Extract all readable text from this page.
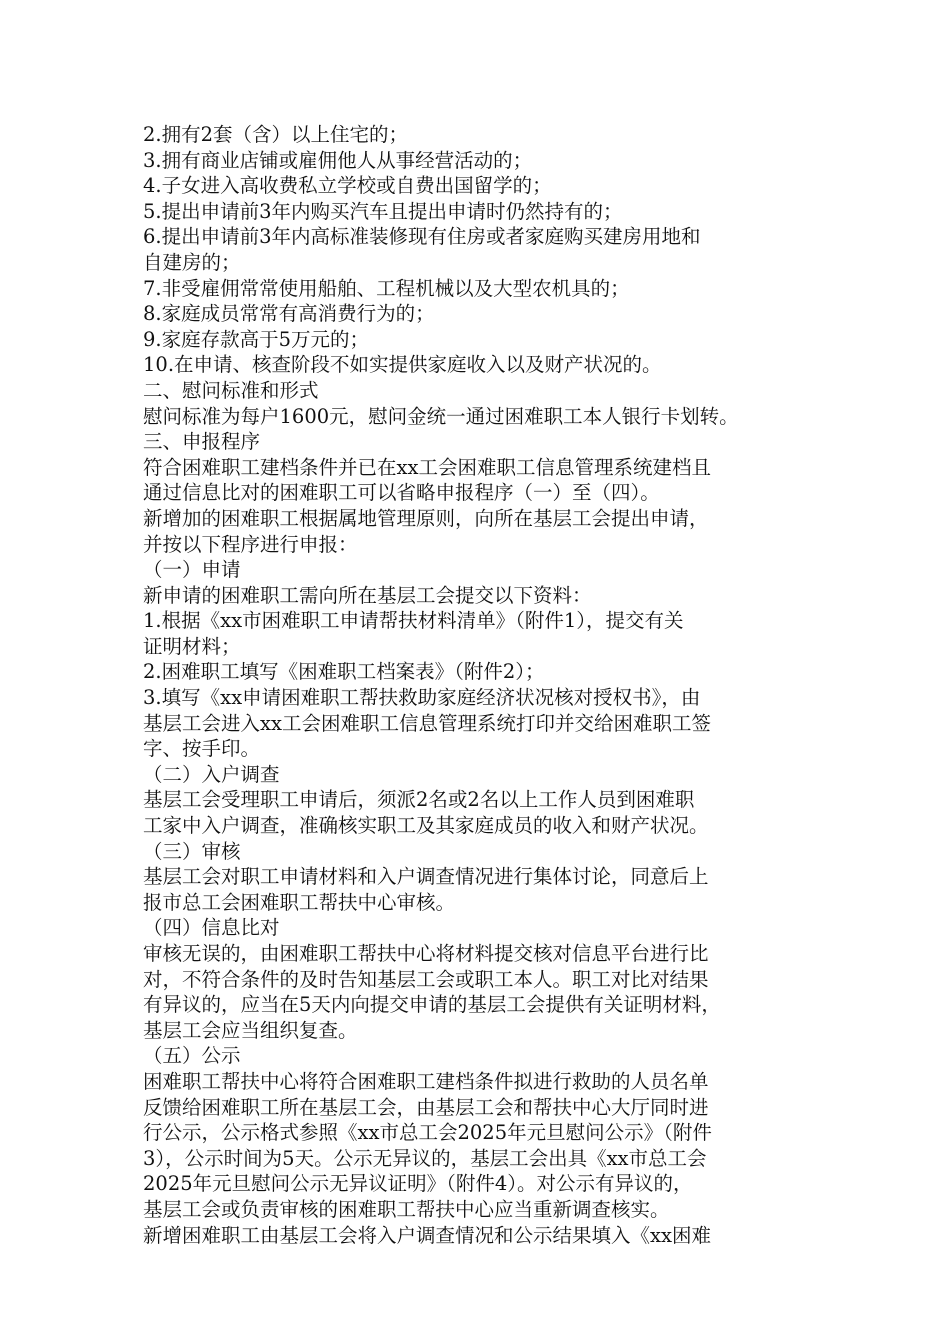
2.拥有2套（含）以上住宅的；
3.拥有商业店铺或雇佣他人从事经营活动的；
4.子女进入高收费私立学校或自费出国留学的；
5.提出申请前3年内购买汽车且提出申请时仍然持有的；
6.提出申请前3年内高标准装修现有住房或者家庭购买建房用地和
自建房的；
7.非受雇佣常常使用船舶、工程机械以及大型农机具的；
8.家庭成员常常有高消费行为的；
9.家庭存款高于5万元的；
10.在申请、核查阶段不如实提供家庭收入以及财产状况的。
二、慰问标准和形式
慰问标准为每户1600元，慰问金统一通过困难职工本人银行卡划转。
三、申报程序
符合困难职工建档条件并已在xx工会困难职工信息管理系统建档且
通过信息比对的困难职工可以省略申报程序（一）至（四）。
新增加的困难职工根据属地管理原则，向所在基层工会提出申请，
并按以下程序进行申报：
（一）申请
新申请的困难职工需向所在基层工会提交以下资料：
1.根据《xx市困难职工申请帮扶材料清单》（附件1），提交有关
证明材料；
2.困难职工填写《困难职工档案表》（附件2）；
3.填写《xx申请困难职工帮扶救助家庭经济状况核对授权书》，由
基层工会进入xx工会困难职工信息管理系统打印并交给困难职工签
字、按手印。
（二）入户调查
基层工会受理职工申请后，须派2名或2名以上工作人员到困难职
工家中入户调查，准确核实职工及其家庭成员的收入和财产状况。
（三）审核
基层工会对职工申请材料和入户调查情况进行集体讨论，同意后上
报市总工会困难职工帮扶中心审核。
（四）信息比对
审核无误的，由困难职工帮扶中心将材料提交核对信息平台进行比
对，不符合条件的及时告知基层工会或职工本人。职工对比对结果
有异议的，应当在5天内向提交申请的基层工会提供有关证明材料，
基层工会应当组织复查。
（五）公示
困难职工帮扶中心将符合困难职工建档条件拟进行救助的人员名单
反馈给困难职工所在基层工会，由基层工会和帮扶中心大厅同时进
行公示，公示格式参照《xx市总工会2025年元旦慰问公示》（附件
3），公示时间为5天。公示无异议的，基层工会出具《xx市总工会
2025年元旦慰问公示无异议证明》（附件4）。对公示有异议的，
基层工会或负责审核的困难职工帮扶中心应当重新调查核实。
新增困难职工由基层工会将入户调查情况和公示结果填入《xx困难
